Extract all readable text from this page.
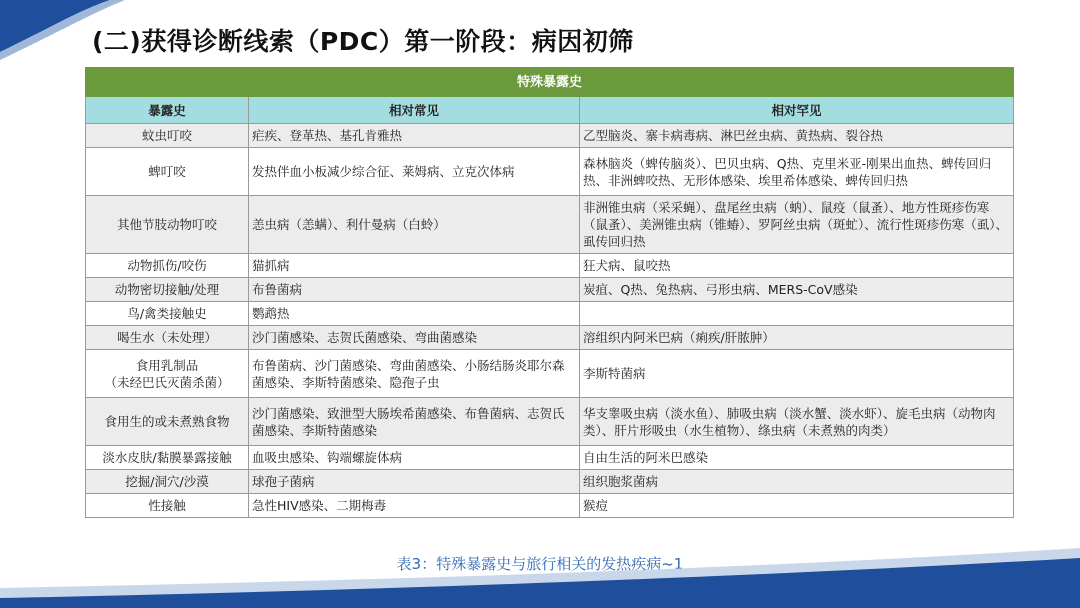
(二)获得诊断线索（PDC）第一阶段：病因初筛
特殊暴露史		
暴露史	相对常见	相对罕见
蚊虫叮咬	疟疾、登革热、基孔肯雅热	乙型脑炎、寨卡病毒病、淋巴丝虫病、黄热病、裂谷热
蜱叮咬	发热伴血小板减少综合征、莱姆病、立克次体病	森林脑炎（蜱传脑炎）、巴贝虫病、Q热、克里米亚-刚果出血热、蜱传回归热、非洲蜱咬热、无形体感染、埃里希体感染、蜱传回归热
其他节肢动物叮咬	恙虫病（恙螨）、利什曼病（白蛉）	非洲锥虫病（采采蝇）、盘尾丝虫病（蚋）、鼠疫（鼠蚤）、地方性斑疹伤寒（鼠蚤）、美洲锥虫病（锥蝽）、罗阿丝虫病（斑虻）、流行性斑疹伤寒（虱）、虱传回归热
动物抓伤/咬伤	猫抓病	狂犬病、鼠咬热
动物密切接触/处理	布鲁菌病	炭疽、Q热、兔热病、弓形虫病、MERS-CoV感染
鸟/禽类接触史	鹦鹉热	
喝生水（未处理）	沙门菌感染、志贺氏菌感染、弯曲菌感染	溶组织内阿米巴病（痢疾/肝脓肿）
食用乳制品
（未经巴氏灭菌杀菌）	布鲁菌病、沙门菌感染、弯曲菌感染、小肠结肠炎耶尔森菌感染、李斯特菌感染、隐孢子虫	李斯特菌病
食用生的或未煮熟食物	沙门菌感染、致泄型大肠埃希菌感染、布鲁菌病、志贺氏菌感染、李斯特菌感染	华支睾吸虫病（淡水鱼）、肺吸虫病（淡水蟹、淡水虾）、旋毛虫病（动物肉类）、肝片形吸虫（水生植物）、绦虫病（未煮熟的肉类）
淡水皮肤/黏膜暴露接触	血吸虫感染、钩端螺旋体病	自由生活的阿米巴感染
挖掘/洞穴/沙漠	球孢子菌病	组织胞浆菌病
性接触	急性HIV感染、二期梅毒	猴痘
表3：特殊暴露史与旅行相关的发热疾病~1
